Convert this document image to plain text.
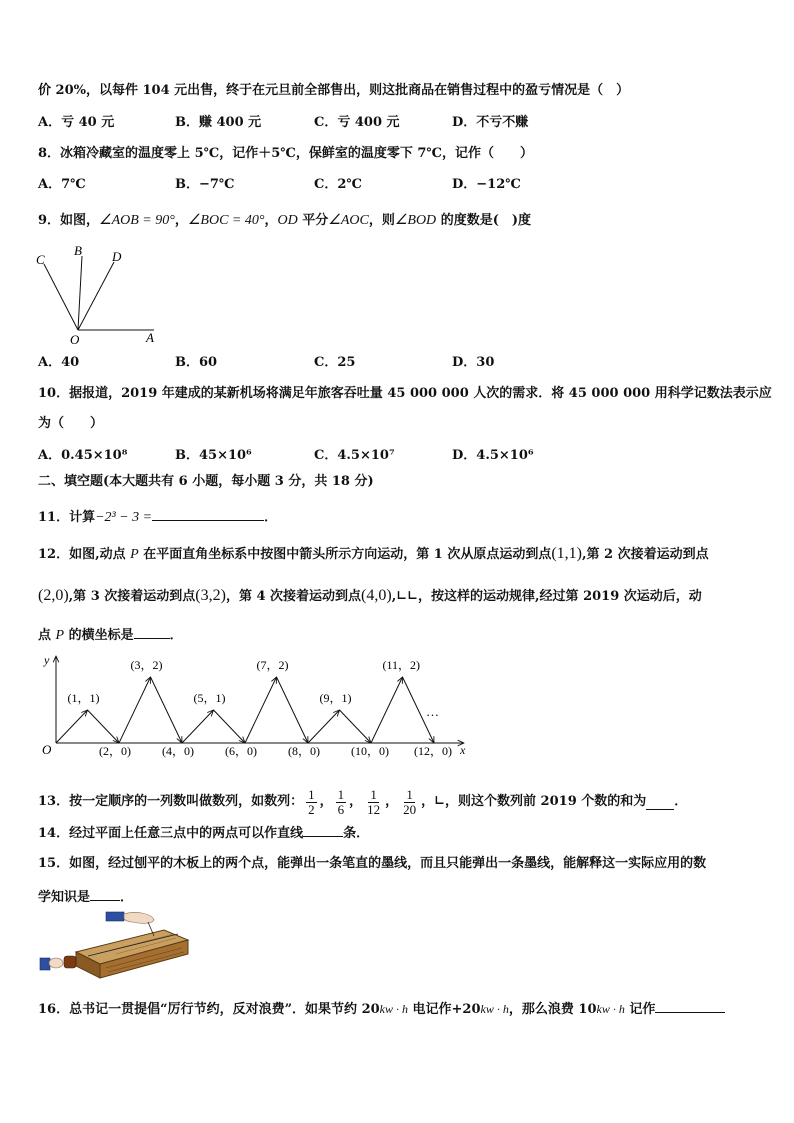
价 20%，以每件 104 元出售，终于在元旦前全部售出，则这批商品在销售过程中的盈亏情况是（　）
A．亏 40 元	B．赚 400 元	C．亏 400 元	D．不亏不赚
8．冰箱冷藏室的温度零上 5℃，记作＋5℃，保鲜室的温度零下 7℃，记作（　　）
A．7℃	B．−7℃	C．2℃	D．−12℃
9．如图，∠AOB = 90°，∠BOC = 40°，OD 平分∠AOC，则∠BOD 的度数是(　)度
C
B D
O	A
A．40	B．60	C．25	D．30
10．据报道，2019 年建成的某新机场将满足年旅客吞吐量 45 000 000 人次的需求．将 45 000 000 用科学记数法表示应
为（　　）
A．0.45×10⁸	B．45×10⁶	C．4.5×10⁷	D．4.5×10⁶
二、填空题(本大题共有 6 小题，每小题 3 分，共 18 分)
11．计算−2³ − 3 =	．
12．如图,动点 P 在平面直角坐标系中按图中箭头所示方向运动，第 1 次从原点运动到点(1,1),第 2 次接着运动到点
(2,0),第 3 次接着运动到点(3,2)，第 4 次接着运动到点(4,0),∟∟，按这样的运动规律,经过第 2019 次运动后，动
点 P 的横坐标是	．
y
x
O
…
(1，1)
(3，2)
(5，1)
(7，2)
(9，1)
(11，2)
(2，0)	(4，0)	(6，0)	(8，0)	(10，0) (12，0)
13．按一定顺序的一列数叫做数列，如数列： $\frac{1}{2}$ ， $\frac{1}{6}$ ， $\frac{1}{12}$ ， $\frac{1}{20}$ ，∟，则这个数列前 2019 个数的和为 ．
14．经过平面上任意三点中的两点可以作直线	条．
15．如图，经过刨平的木板上的两个点，能弹出一条笔直的墨线，而且只能弹出一条墨线，能解释这一实际应用的数
学知识是 ．
16．总书记一贯提倡“厉行节约，反对浪费”．如果节约 20kw · h 电记作+20kw · h，那么浪费 10kw · h 记作
